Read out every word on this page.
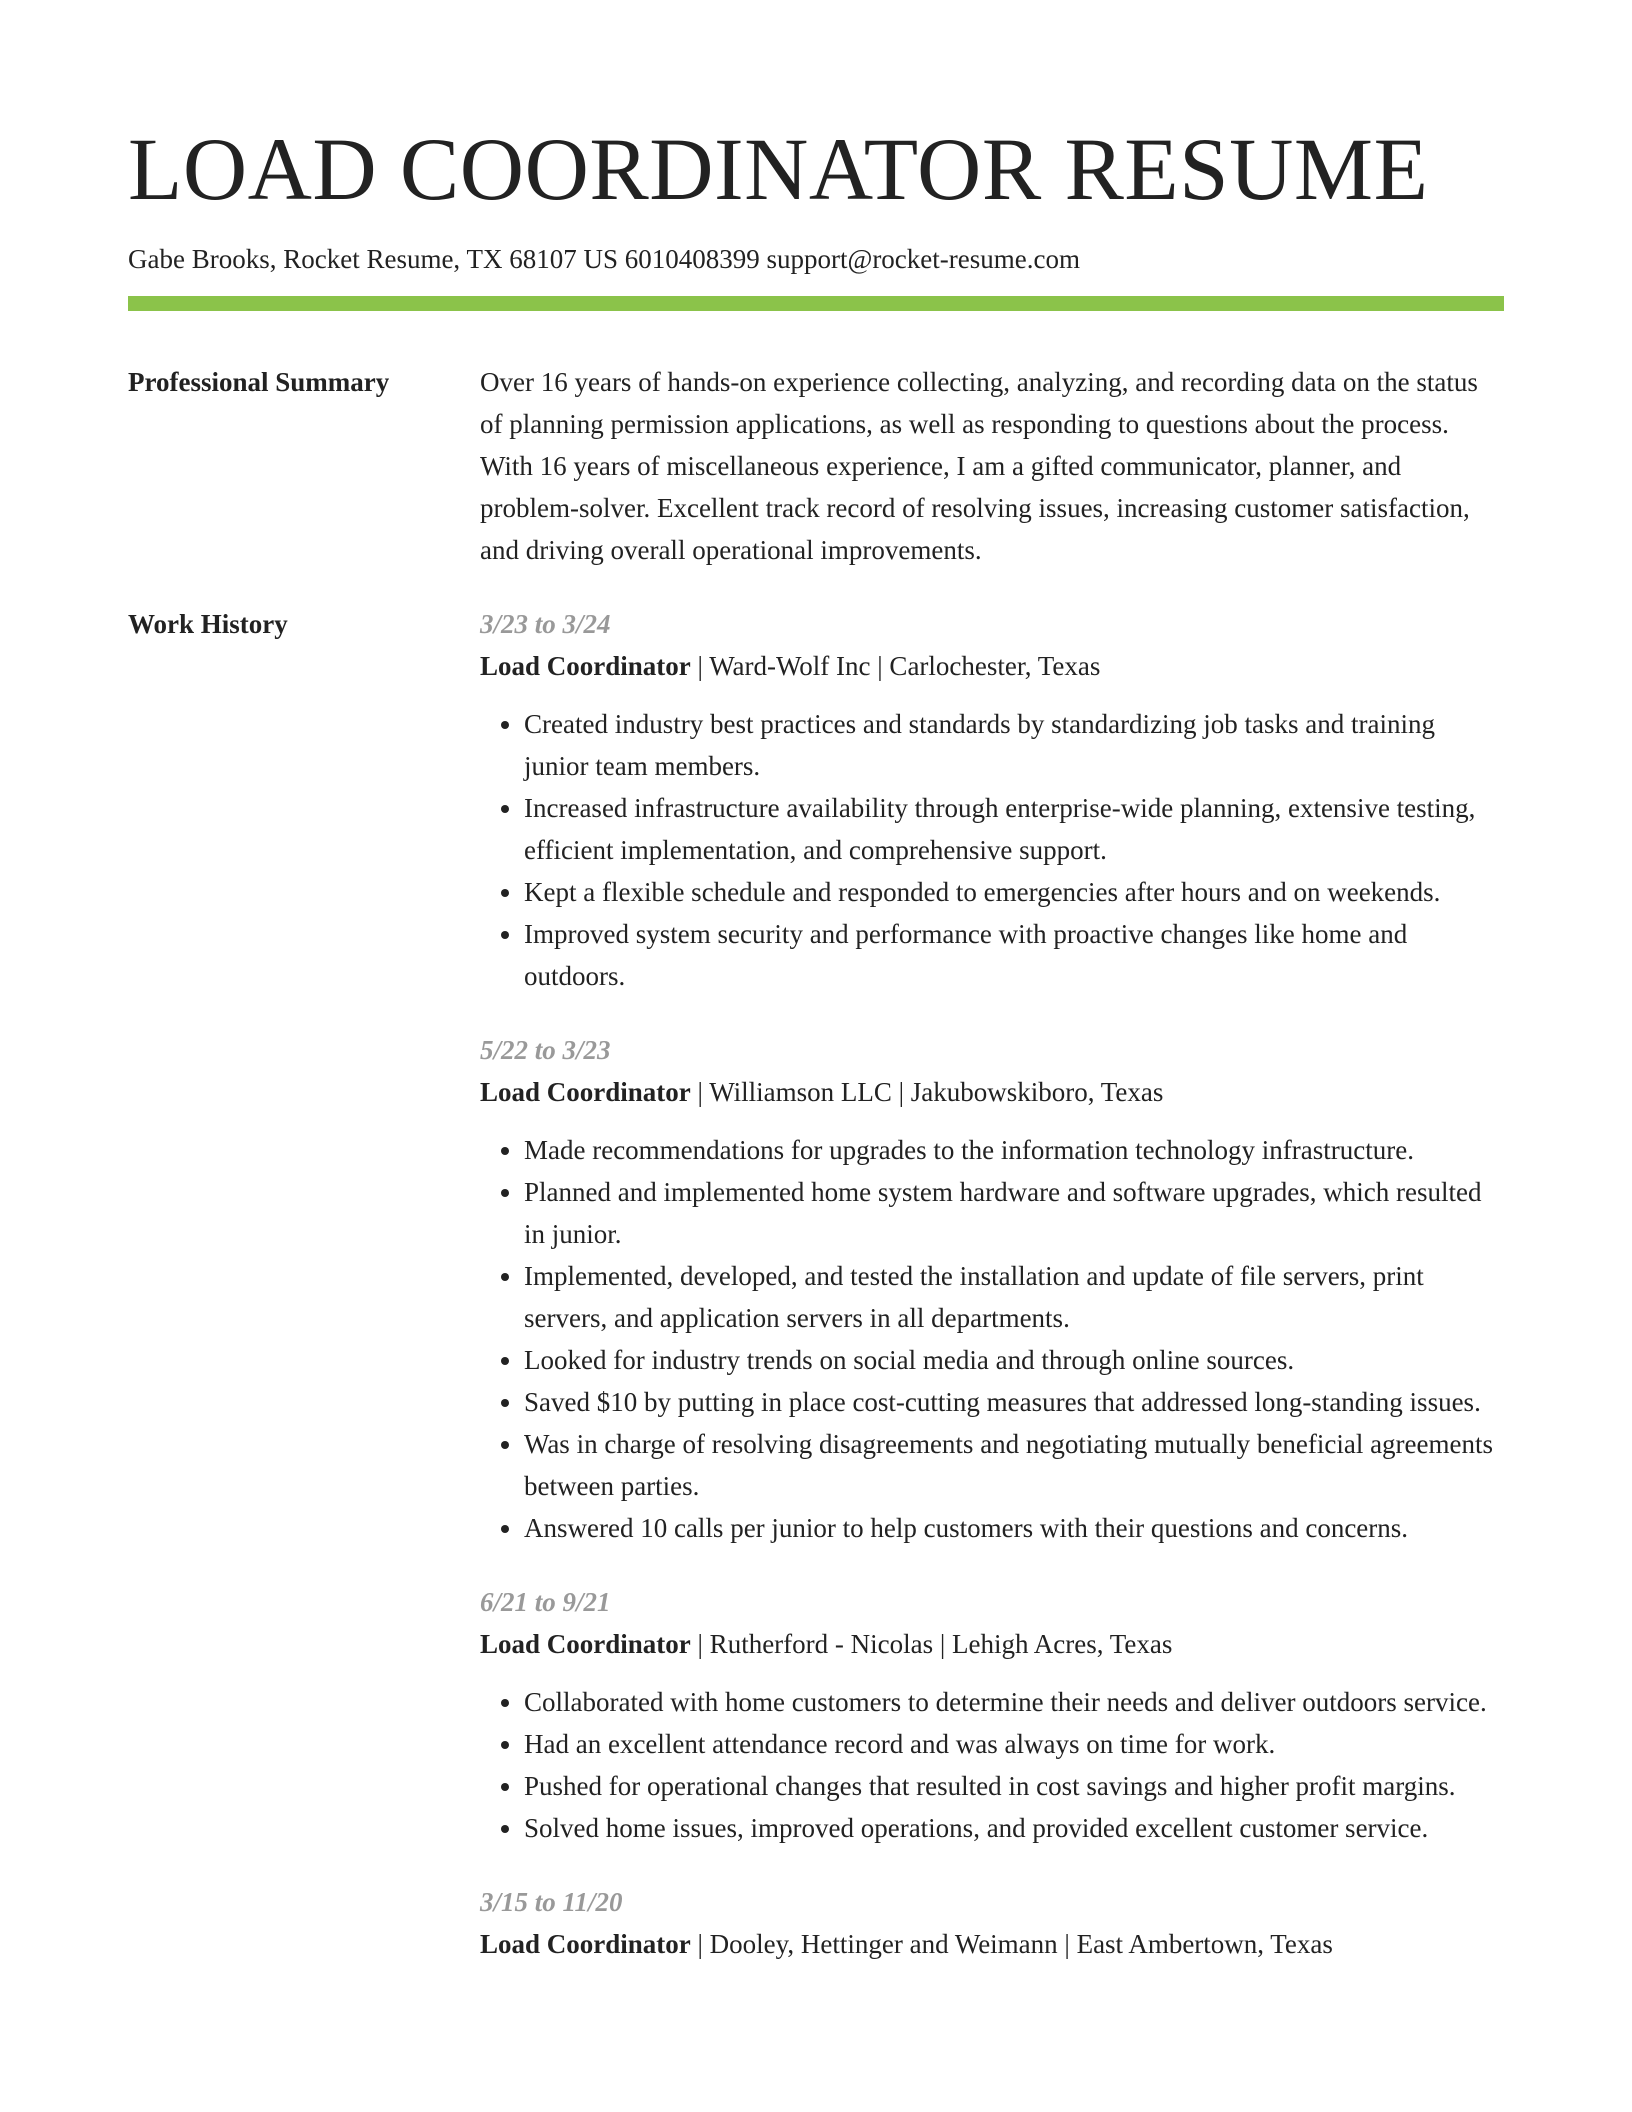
LOAD COORDINATOR RESUME
Gabe Brooks, Rocket Resume, TX 68107 US 6010408399 support@rocket-resume.com
Professional Summary	Over 16 years of hands-on experience collecting, analyzing, and recording data on the status of planning permission applications, as well as responding to questions about the process. With 16 years of miscellaneous experience, I am a gifted communicator, planner, and problem-solver. Excellent track record of resolving issues, increasing customer satisfaction, and driving overall operational improvements.
Work History	3/23 to 3/24
Load Coordinator | Ward-Wolf Inc | Carlochester, Texas
• Created industry best practices and standards by standardizing job tasks and training junior team members.
• Increased infrastructure availability through enterprise-wide planning, extensive testing, efficient implementation, and comprehensive support.
• Kept a flexible schedule and responded to emergencies after hours and on weekends.
• Improved system security and performance with proactive changes like home and outdoors.
5/22 to 3/23
Load Coordinator | Williamson LLC | Jakubowskiboro, Texas
• Made recommendations for upgrades to the information technology infrastructure.
• Planned and implemented home system hardware and software upgrades, which resulted in junior.
• Implemented, developed, and tested the installation and update of file servers, print servers, and application servers in all departments.
• Looked for industry trends on social media and through online sources.
• Saved $10 by putting in place cost-cutting measures that addressed long-standing issues.
• Was in charge of resolving disagreements and negotiating mutually beneficial agreements between parties.
• Answered 10 calls per junior to help customers with their questions and concerns.
6/21 to 9/21
Load Coordinator | Rutherford - Nicolas | Lehigh Acres, Texas
• Collaborated with home customers to determine their needs and deliver outdoors service.
• Had an excellent attendance record and was always on time for work.
• Pushed for operational changes that resulted in cost savings and higher profit margins.
• Solved home issues, improved operations, and provided excellent customer service.
3/15 to 11/20
Load Coordinator | Dooley, Hettinger and Weimann | East Ambertown, Texas
